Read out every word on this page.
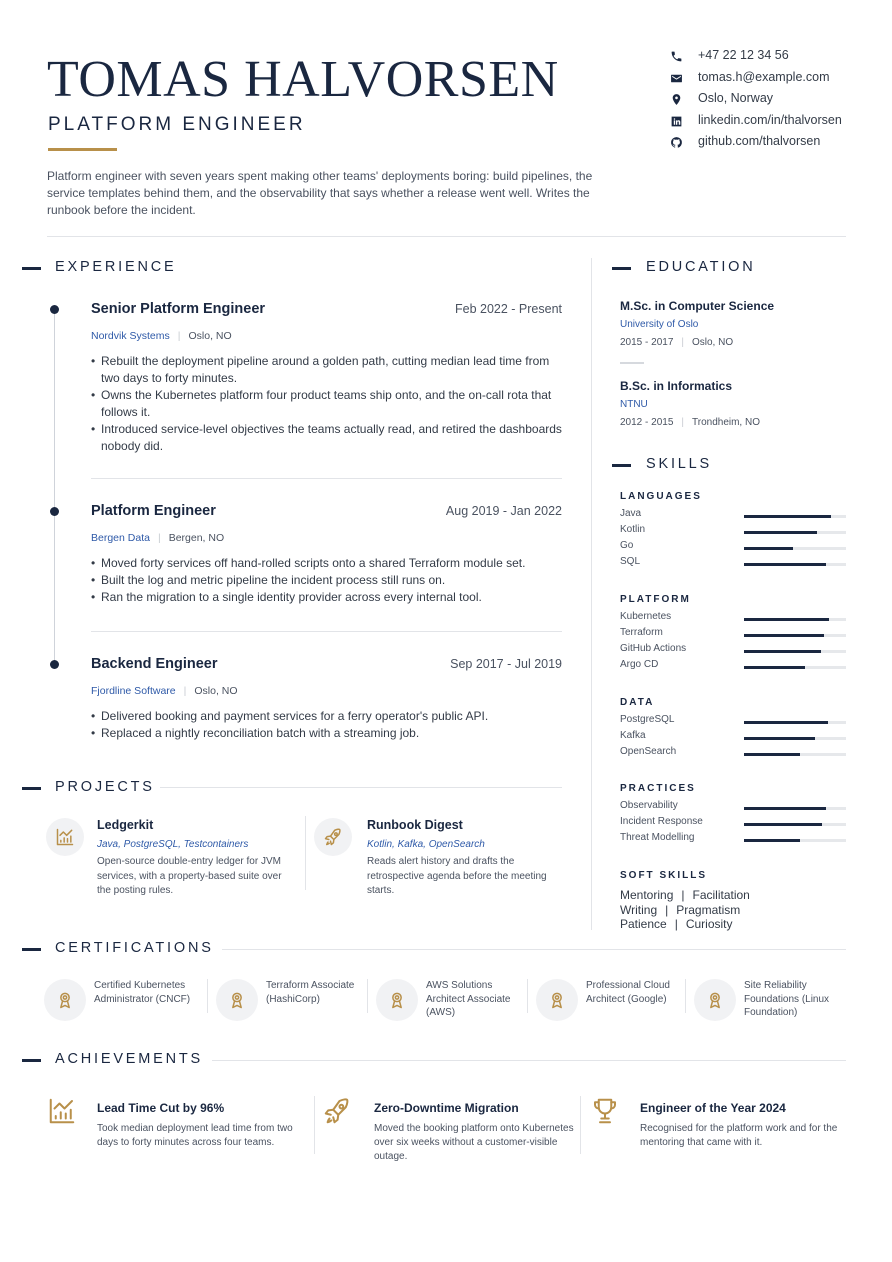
TOMAS HALVORSEN
PLATFORM ENGINEER
Platform engineer with seven years spent making other teams' deployments boring: build pipelines, the service templates behind them, and the observability that says whether a release went well. Writes the runbook before the incident.
+47 22 12 34 56
tomas.h@example.com
Oslo, Norway
linkedin.com/in/thalvorsen
github.com/thalvorsen
EXPERIENCE
Senior Platform Engineer	Feb 2022 - Present
Nordvik Systems | Oslo, NO
• Rebuilt the deployment pipeline around a golden path, cutting median lead time from two days to forty minutes.
• Owns the Kubernetes platform four product teams ship onto, and the on-call rota that follows it.
• Introduced service-level objectives the teams actually read, and retired the dashboards nobody did.
Platform Engineer	Aug 2019 - Jan 2022
Bergen Data | Bergen, NO
• Moved forty services off hand-rolled scripts onto a shared Terraform module set.
• Built the log and metric pipeline the incident process still runs on.
• Ran the migration to a single identity provider across every internal tool.
Backend Engineer	Sep 2017 - Jul 2019
Fjordline Software | Oslo, NO
• Delivered booking and payment services for a ferry operator's public API.
• Replaced a nightly reconciliation batch with a streaming job.
PROJECTS
Ledgerkit
Java, PostgreSQL, Testcontainers
Open-source double-entry ledger for JVM services, with a property-based suite over the posting rules.
Runbook Digest
Kotlin, Kafka, OpenSearch
Reads alert history and drafts the retrospective agenda before the meeting starts.
EDUCATION
M.Sc. in Computer Science
University of Oslo
2015 - 2017 | Oslo, NO
B.Sc. in Informatics
NTNU
2012 - 2015 | Trondheim, NO
SKILLS
LANGUAGES
Java
Kotlin
Go
SQL
PLATFORM
Kubernetes
Terraform
GitHub Actions
Argo CD
DATA
PostgreSQL
Kafka
OpenSearch
PRACTICES
Observability
Incident Response
Threat Modelling
SOFT SKILLS
Mentoring | Facilitation
Writing | Pragmatism
Patience | Curiosity
CERTIFICATIONS
Certified Kubernetes Administrator (CNCF)
Terraform Associate (HashiCorp)
AWS Solutions Architect Associate (AWS)
Professional Cloud Architect (Google)
Site Reliability Foundations (Linux Foundation)
ACHIEVEMENTS
Lead Time Cut by 96%
Took median deployment lead time from two days to forty minutes across four teams.
Zero-Downtime Migration
Moved the booking platform onto Kubernetes over six weeks without a customer-visible outage.
Engineer of the Year 2024
Recognised for the platform work and for the mentoring that came with it.
